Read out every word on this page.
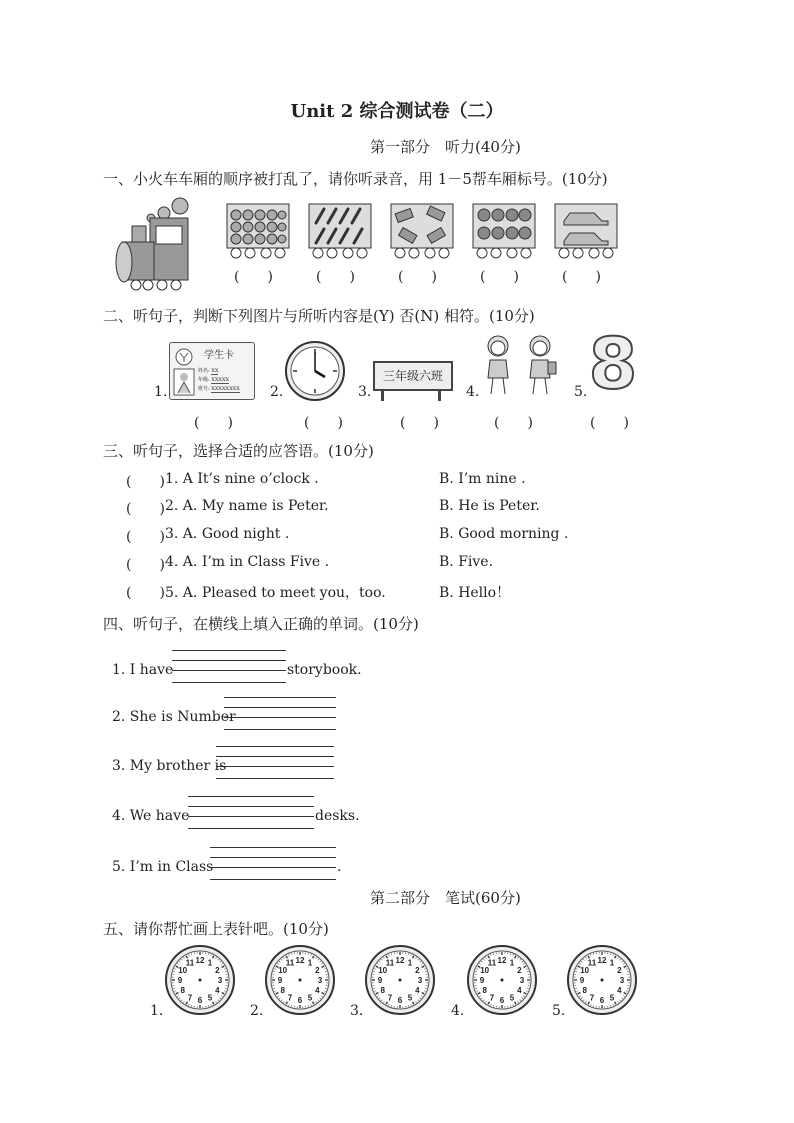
Unit 2 综合测试卷（二）
第一部分　听力(40分)
一、小火车车厢的顺序被打乱了，请你听录音，用 1－5帮车厢标号。(10分)
(　　)	(　　)	(　　)	(　　)	(　　)
二、听句子，判断下列图片与所听内容是(Y) 否(N) 相符。(10分)
1.
学生卡
姓名: XX
年级: XXXXX
班号: XXXXXXXX 2.	3.
三年级六班
4.	5. 8
(　　)	(　　)	(　　)	(　　)	(　　)
三、听句子，选择合适的应答语。(10分)
(　　) 1. A It’s nine o’clock .	B. I’m nine .
(　　) 2. A. My name is Peter.	B. He is Peter.
(　　) 3. A. Good night .	B. Good morning .
(　　) 4. A. I’m in Class Five .	B. Five.
(　　) 5. A. Pleased to meet you，too.	B. Hello！
四、听句子，在横线上填入正确的单词。(10分)
1. I have	storybook.
2. She is Number
3. My brother is
4. We have	desks.
5. I’m in Class	.
第二部分　笔试(60分)
五、请你帮忙画上表针吧。(10分)
1.	2.	3.	4.	5.
12 1
2
3
4
5
6
7
8
9
10
11	12 1
2
3
4
5
6
7
8
9
10
11	12 1
2
3
4
5
6
7
8
9
10
11	12 1
2
3
4
5
6
7
8
9
10
11	12 1
2
3
4
5
6
7
8
9
10
11
